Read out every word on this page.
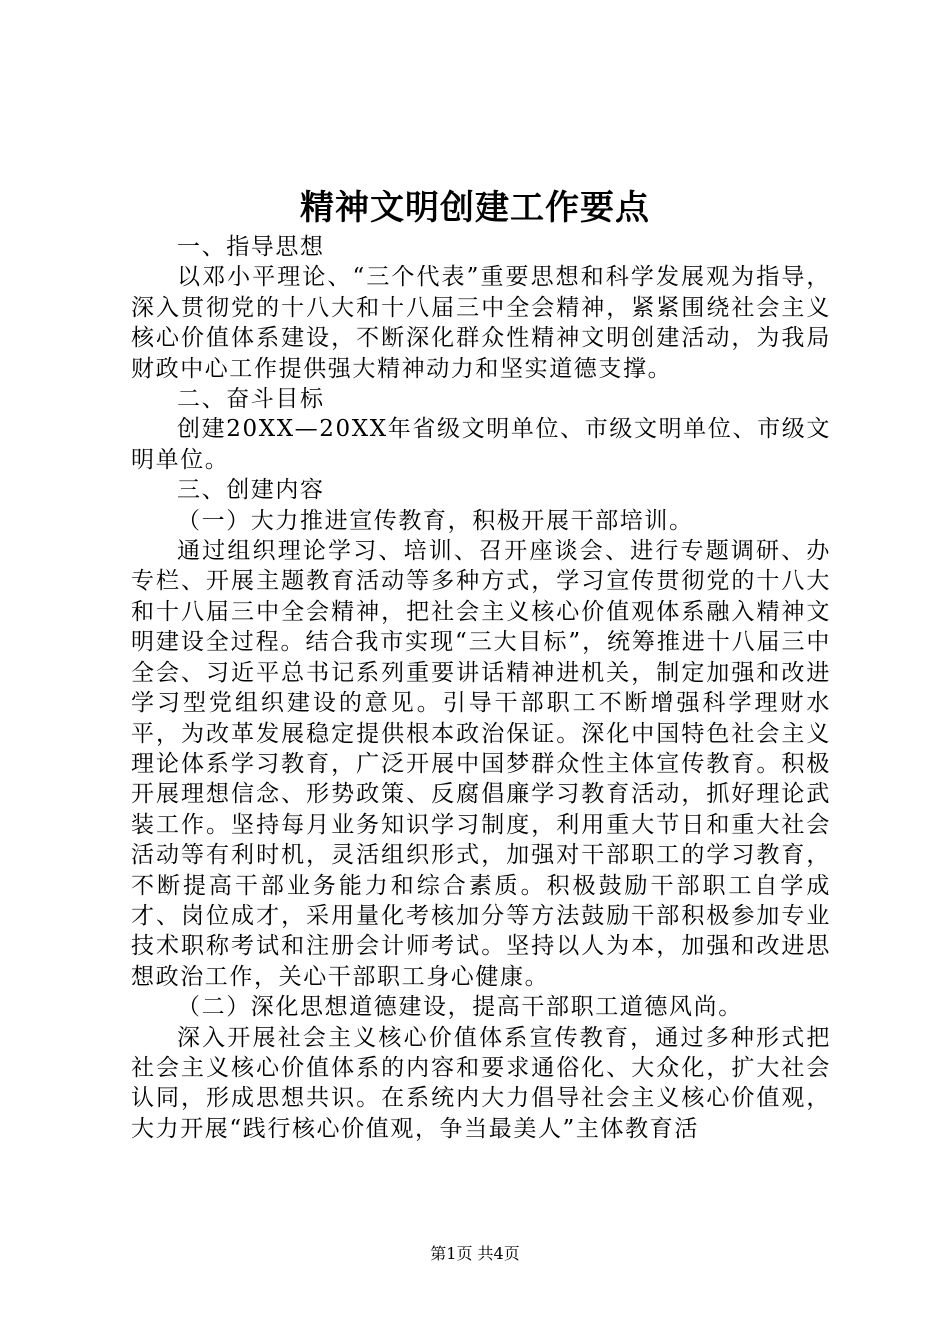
精神文明创建工作要点

一、指导思想

以邓小平理论、“三个代表”重要思想和科学发展观为指导，深入贯彻党的十八大和十八届三中全会精神，紧紧围绕社会主义核心价值体系建设，不断深化群众性精神文明创建活动，为我局财政中心工作提供强大精神动力和坚实道德支撑。

二、奋斗目标

创建20XX—20XX年省级文明单位、市级文明单位、市级文明单位。

三、创建内容

（一）大力推进宣传教育，积极开展干部培训。

通过组织理论学习、培训、召开座谈会、进行专题调研、办专栏、开展主题教育活动等多种方式，学习宣传贯彻党的十八大和十八届三中全会精神，把社会主义核心价值观体系融入精神文明建设全过程。结合我市实现“三大目标”，统筹推进十八届三中全会、习近平总书记系列重要讲话精神进机关，制定加强和改进学习型党组织建设的意见。引导干部职工不断增强科学理财水平，为改革发展稳定提供根本政治保证。深化中国特色社会主义理论体系学习教育，广泛开展中国梦群众性主体宣传教育。积极开展理想信念、形势政策、反腐倡廉学习教育活动，抓好理论武装工作。坚持每月业务知识学习制度，利用重大节日和重大社会活动等有利时机，灵活组织形式，加强对干部职工的学习教育，不断提高干部业务能力和综合素质。积极鼓励干部职工自学成才、岗位成才，采用量化考核加分等方法鼓励干部积极参加专业技术职称考试和注册会计师考试。坚持以人为本，加强和改进思想政治工作，关心干部职工身心健康。

（二）深化思想道德建设，提高干部职工道德风尚。

深入开展社会主义核心价值体系宣传教育，通过多种形式把社会主义核心价值体系的内容和要求通俗化、大众化，扩大社会认同，形成思想共识。在系统内大力倡导社会主义核心价值观，大力开展“践行核心价值观，争当最美人”主体教育活

第1页 共4页
